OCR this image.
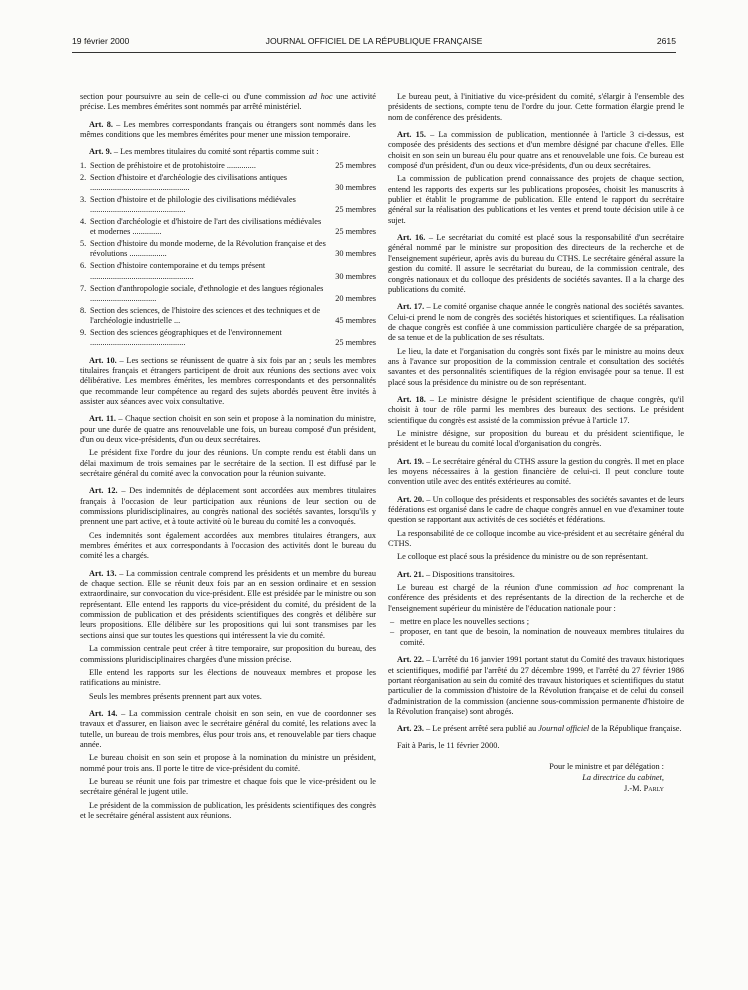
19 février 2000	JOURNAL OFFICIEL DE LA RÉPUBLIQUE FRANÇAISE	2615

section pour poursuivre au sein de celle-ci ou d'une commission ad hoc une activité précise. Les membres émérites sont nommés par arrêté ministériel.

Art. 8. – Les membres correspondants français ou étrangers sont nommés dans les mêmes conditions que les membres émérites pour mener une mission temporaire.

Art. 9. – Les membres titulaires du comité sont répartis comme suit :

1. Section de préhistoire et de protohistoire ..............	25 membres
2. Section d'histoire et d'archéologie des civilisations antiques ................................................	30 membres
3. Section d'histoire et de philologie des civilisations médiévales ..............................................	25 membres
4. Section d'archéologie et d'histoire de l'art des civilisations médiévales et modernes ..............	25 membres
5. Section d'histoire du monde moderne, de la Révolution française et des révolutions ..................	30 membres
6. Section d'histoire contemporaine et du temps présent ..................................................	30 membres
7. Section d'anthropologie sociale, d'ethnologie et des langues régionales ................................	20 membres
8. Section des sciences, de l'histoire des sciences et des techniques et de l'archéologie industrielle ...	45 membres
9. Section des sciences géographiques et de l'environnement ..............................................	25 membres

Art. 10. – Les sections se réunissent de quatre à six fois par an ; seuls les membres titulaires français et étrangers participent de droit aux réunions des sections avec voix délibérative. Les membres émérites, les membres correspondants et des personnalités que recommande leur compétence au regard des sujets abordés peuvent être invités à assister aux séances avec voix consultative.

Art. 11. – Chaque section choisit en son sein et propose à la nomination du ministre, pour une durée de quatre ans renouvelable une fois, un bureau composé d'un président, d'un ou deux vice-présidents, d'un ou deux secrétaires.

Le président fixe l'ordre du jour des réunions. Un compte rendu est établi dans un délai maximum de trois semaines par le secrétaire de la section. Il est diffusé par le secrétaire général du comité avec la convocation pour la réunion suivante.

Art. 12. – Des indemnités de déplacement sont accordées aux membres titulaires français à l'occasion de leur participation aux réunions de leur section ou de commissions pluridisciplinaires, au congrès national des sociétés savantes, lorsqu'ils y prennent une part active, et à toute activité où le bureau du comité les a convoqués.

Ces indemnités sont également accordées aux membres titulaires étrangers, aux membres émérites et aux correspondants à l'occasion des activités dont le bureau du comité les a chargés.

Art. 13. – La commission centrale comprend les présidents et un membre du bureau de chaque section. Elle se réunit deux fois par an en session ordinaire et en session extraordinaire, sur convocation du vice-président. Elle est présidée par le ministre ou son représentant. Elle entend les rapports du vice-président du comité, du président de la commission de publication et des présidents scientifiques des congrès et délibère sur leurs propositions. Elle délibère sur les propositions qui lui sont transmises par les sections ainsi que sur toutes les questions qui intéressent la vie du comité.

La commission centrale peut créer à titre temporaire, sur proposition du bureau, des commissions pluridisciplinaires chargées d'une mission précise.

Elle entend les rapports sur les élections de nouveaux membres et propose les ratifications au ministre.

Seuls les membres présents prennent part aux votes.

Art. 14. – La commission centrale choisit en son sein, en vue de coordonner ses travaux et d'assurer, en liaison avec le secrétaire général du comité, les relations avec la tutelle, un bureau de trois membres, élus pour trois ans, et renouvelable par tiers chaque année.

Le bureau choisit en son sein et propose à la nomination du ministre un président, nommé pour trois ans. Il porte le titre de vice-président du comité.

Le bureau se réunit une fois par trimestre et chaque fois que le vice-président ou le secrétaire général le jugent utile.

Le président de la commission de publication, les présidents scientifiques des congrès et le secrétaire général assistent aux réunions.

Le bureau peut, à l'initiative du vice-président du comité, s'élargir à l'ensemble des présidents de sections, compte tenu de l'ordre du jour. Cette formation élargie prend le nom de conférence des présidents.

Art. 15. – La commission de publication, mentionnée à l'article 3 ci-dessus, est composée des présidents des sections et d'un membre désigné par chacune d'elles. Elle choisit en son sein un bureau élu pour quatre ans et renouvelable une fois. Ce bureau est composé d'un président, d'un ou deux vice-présidents, d'un ou deux secrétaires.

La commission de publication prend connaissance des projets de chaque section, entend les rapports des experts sur les publications proposées, choisit les manuscrits à publier et établit le programme de publication. Elle entend le rapport du secrétaire général sur la réalisation des publications et les ventes et prend toute décision utile à ce sujet.

Art. 16. – Le secrétariat du comité est placé sous la responsabilité d'un secrétaire général nommé par le ministre sur proposition des directeurs de la recherche et de l'enseignement supérieur, après avis du bureau du CTHS. Le secrétaire général assure la gestion du comité. Il assure le secrétariat du bureau, de la commission centrale, des congrès nationaux et du colloque des présidents de sociétés savantes. Il a la charge des publications du comité.

Art. 17. – Le comité organise chaque année le congrès national des sociétés savantes. Celui-ci prend le nom de congrès des sociétés historiques et scientifiques. La réalisation de chaque congrès est confiée à une commission particulière chargée de sa préparation, de sa tenue et de la publication de ses résultats.

Le lieu, la date et l'organisation du congrès sont fixés par le ministre au moins deux ans à l'avance sur proposition de la commission centrale et consultation des sociétés savantes et des personnalités scientifiques de la région envisagée pour sa tenue. Il est placé sous la présidence du ministre ou de son représentant.

Art. 18. – Le ministre désigne le président scientifique de chaque congrès, qu'il choisit à tour de rôle parmi les membres des bureaux des sections. Le président scientifique du congrès est assisté de la commission prévue à l'article 17.

Le ministre désigne, sur proposition du bureau et du président scientifique, le président et le bureau du comité local d'organisation du congrès.

Art. 19. – Le secrétaire général du CTHS assure la gestion du congrès. Il met en place les moyens nécessaires à la gestion financière de celui-ci. Il peut conclure toute convention utile avec des entités extérieures au comité.

Art. 20. – Un colloque des présidents et responsables des sociétés savantes et de leurs fédérations est organisé dans le cadre de chaque congrès annuel en vue d'examiner toute question se rapportant aux activités de ces sociétés et fédérations.

La responsabilité de ce colloque incombe au vice-président et au secrétaire général du CTHS.

Le colloque est placé sous la présidence du ministre ou de son représentant.

Art. 21. – Dispositions transitoires.

Le bureau est chargé de la réunion d'une commission ad hoc comprenant la conférence des présidents et des représentants de la direction de la recherche et de l'enseignement supérieur du ministère de l'éducation nationale pour :

– mettre en place les nouvelles sections ;
– proposer, en tant que de besoin, la nomination de nouveaux membres titulaires du comité.

Art. 22. – L'arrêté du 16 janvier 1991 portant statut du Comité des travaux historiques et scientifiques, modifié par l'arrêté du 27 décembre 1999, et l'arrêté du 27 février 1986 portant réorganisation au sein du comité des travaux historiques et scientifiques du statut particulier de la commission d'histoire de la Révolution française et de celui du conseil d'administration de la commission (ancienne sous-commission permanente d'histoire de la Révolution française) sont abrogés.

Art. 23. – Le présent arrêté sera publié au Journal officiel de la République française.

Fait à Paris, le 11 février 2000.

Pour le ministre et par délégation :
La directrice du cabinet,
J.-M. Parly
